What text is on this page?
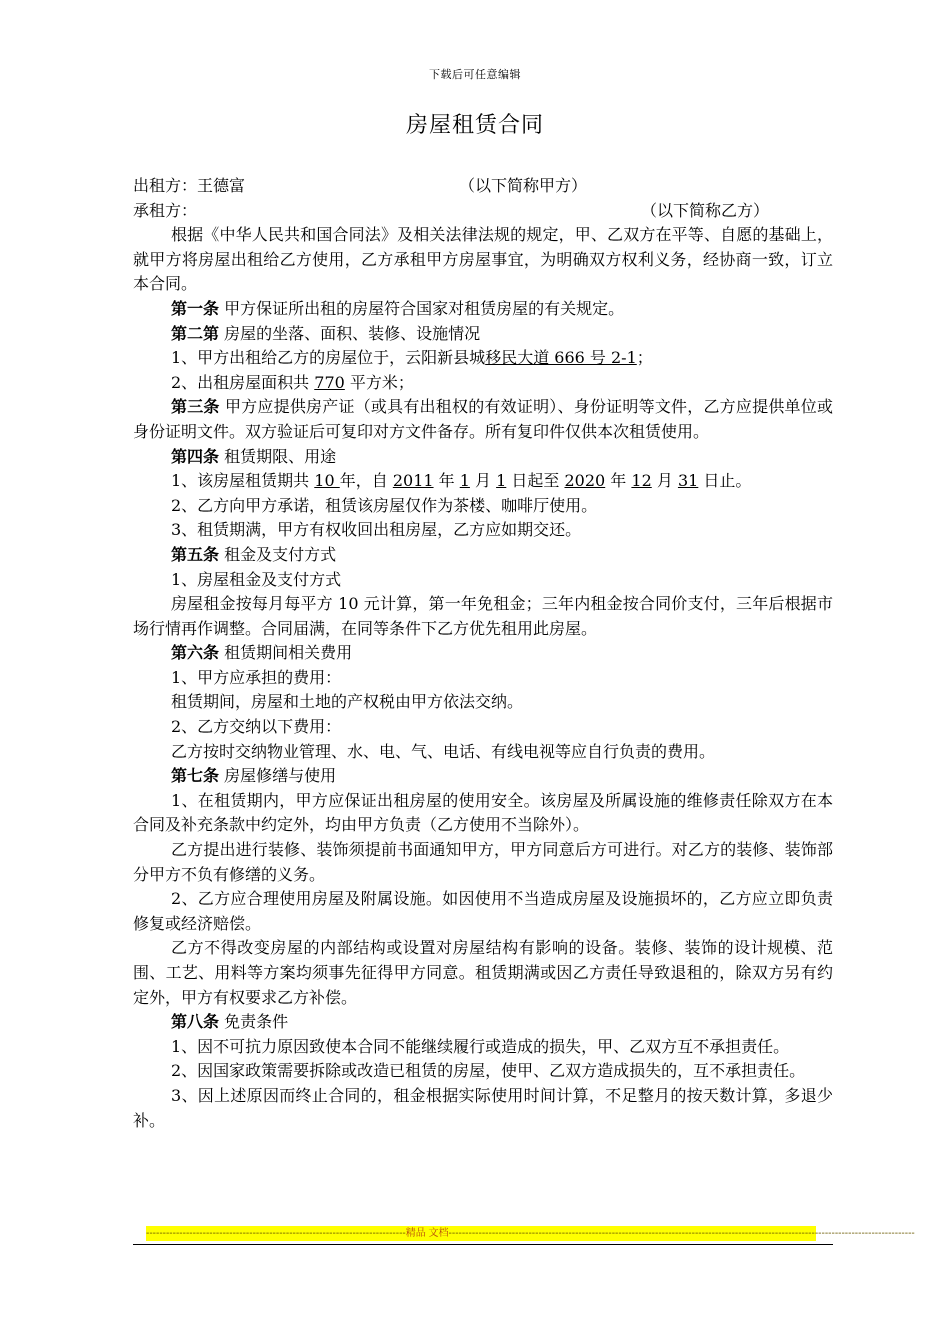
下载后可任意编辑
房屋租赁合同
出租方：王德富	（以下简称甲方）
承租方：	（以下简称乙方）
根据《中华人民共和国合同法》及相关法律法规的规定，甲、乙双方在平等、自愿的基础上，就甲方将房屋出租给乙方使用，乙方承租甲方房屋事宜，为明确双方权利义务，经协商一致，订立本合同。
第一条 甲方保证所出租的房屋符合国家对租赁房屋的有关规定。
第二第 房屋的坐落、面积、装修、设施情况
1、甲方出租给乙方的房屋位于，云阳新县城移民大道 666 号 2-1；
2、出租房屋面积共 770 平方米；
第三条 甲方应提供房产证（或具有出租权的有效证明）、身份证明等文件，乙方应提供单位或身份证明文件。双方验证后可复印对方文件备存。所有复印件仅供本次租赁使用。
第四条 租赁期限、用途
1、该房屋租赁期共 10 年，自 2011 年 1 月 1 日起至 2020 年 12 月 31 日止。
2、乙方向甲方承诺，租赁该房屋仅作为茶楼、咖啡厅使用。
3、租赁期满，甲方有权收回出租房屋，乙方应如期交还。
第五条 租金及支付方式
1、房屋租金及支付方式
房屋租金按每月每平方 10 元计算，第一年免租金；三年内租金按合同价支付，三年后根据市场行情再作调整。合同届满，在同等条件下乙方优先租用此房屋。
第六条 租赁期间相关费用
1、甲方应承担的费用：
租赁期间，房屋和土地的产权税由甲方依法交纳。
2、乙方交纳以下费用：
乙方按时交纳物业管理、水、电、气、电话、有线电视等应自行负责的费用。
第七条 房屋修缮与使用
1、在租赁期内，甲方应保证出租房屋的使用安全。该房屋及所属设施的维修责任除双方在本合同及补充条款中约定外，均由甲方负责（乙方使用不当除外）。
乙方提出进行装修、装饰须提前书面通知甲方，甲方同意后方可进行。对乙方的装修、装饰部分甲方不负有修缮的义务。
2、乙方应合理使用房屋及附属设施。如因使用不当造成房屋及设施损坏的，乙方应立即负责修复或经济赔偿。
乙方不得改变房屋的内部结构或设置对房屋结构有影响的设备。装修、装饰的设计规模、范围、工艺、用料等方案均须事先征得甲方同意。租赁期满或因乙方责任导致退租的，除双方另有约定外，甲方有权要求乙方补偿。
第八条 免责条件
1、因不可抗力原因致使本合同不能继续履行或造成的损失，甲、乙双方互不承担责任。
2、因国家政策需要拆除或改造已租赁的房屋，使甲、乙双方造成损失的，互不承担责任。
3、因上述原因而终止合同的，租金根据实际使用时间计算，不足整月的按天数计算，多退少补。
------------------------------------------------------------------------------精品 文档--------------------------------------------------------------------------------------------------------------------------------------------
